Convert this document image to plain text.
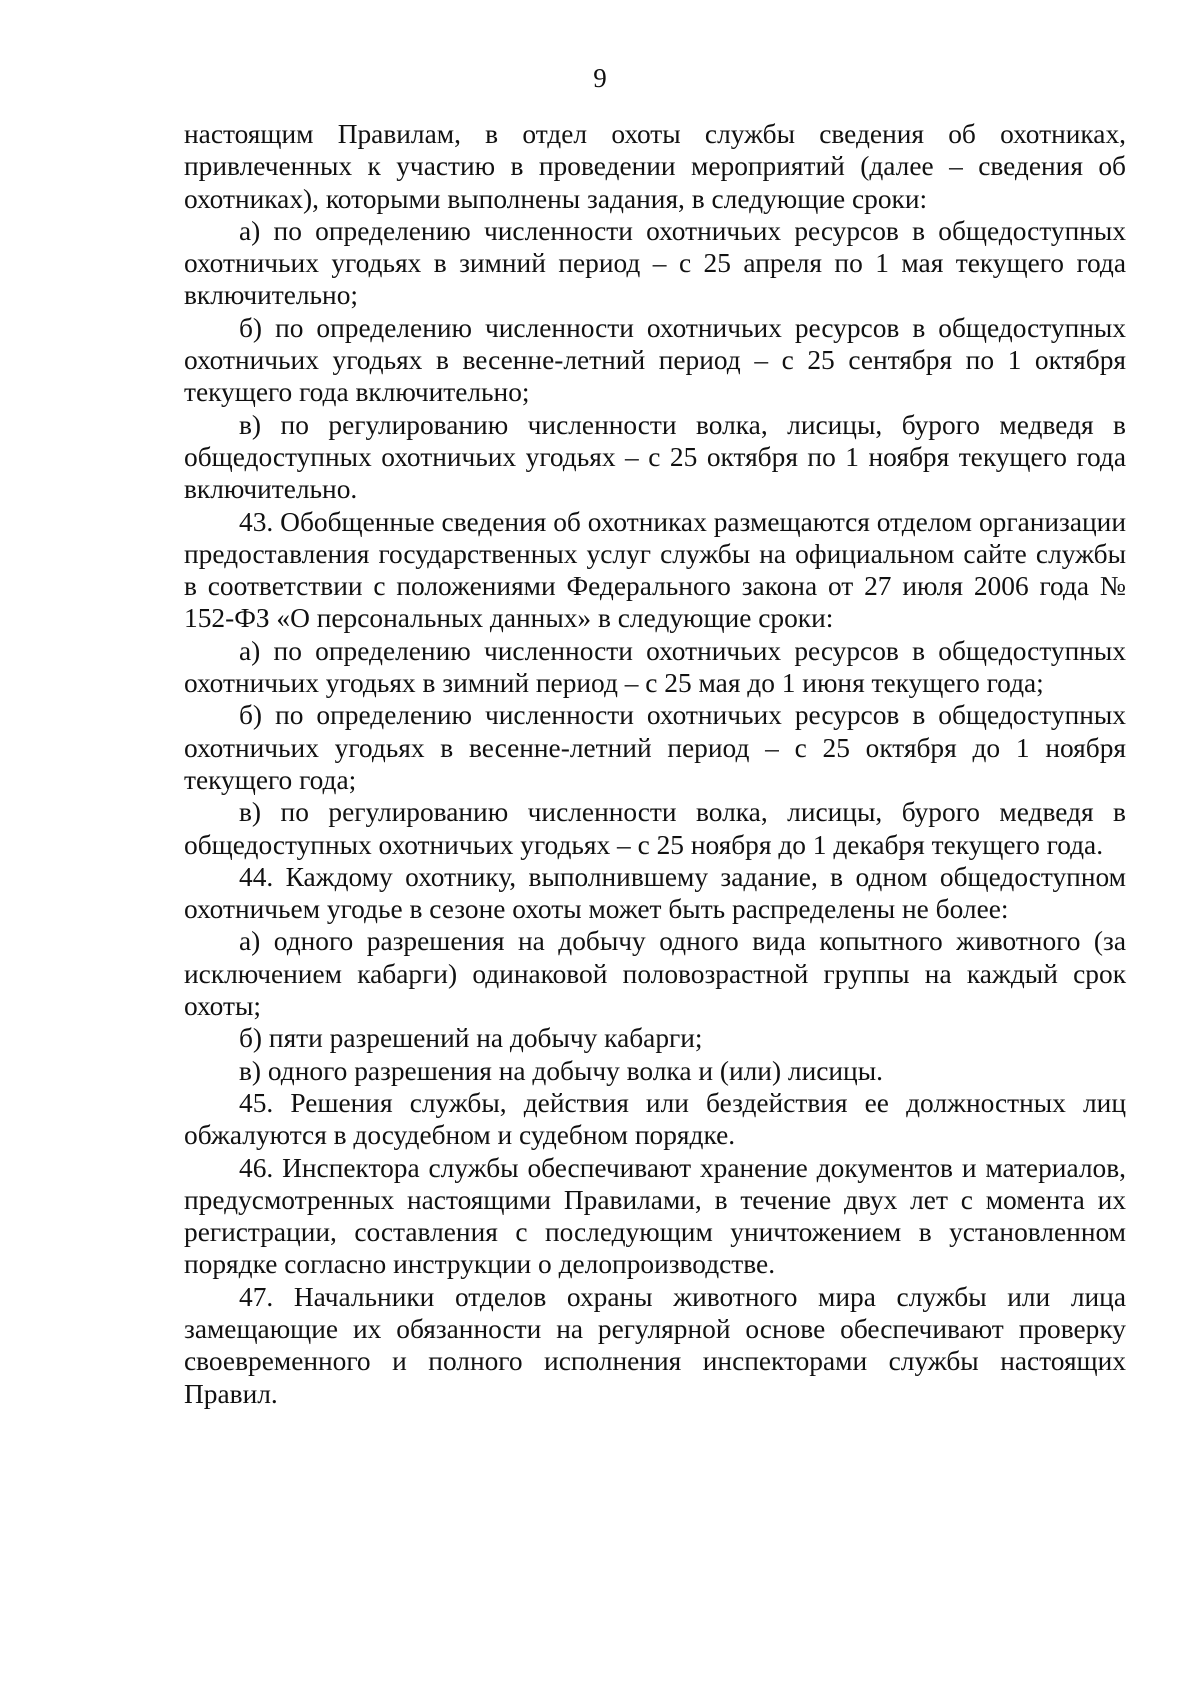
9

настоящим Правилам, в отдел охоты службы сведения об охотниках, привлеченных к участию в проведении мероприятий (далее – сведения об охотниках), которыми выполнены задания, в следующие сроки:

а) по определению численности охотничьих ресурсов в общедоступных охотничьих угодьях в зимний период – с 25 апреля по 1 мая текущего года включительно;

б) по определению численности охотничьих ресурсов в общедоступных охотничьих угодьях в весенне-летний период – с 25 сентября по 1 октября текущего года включительно;

в) по регулированию численности волка, лисицы, бурого медведя в общедоступных охотничьих угодьях – с 25 октября по 1 ноября текущего года включительно.

43. Обобщенные сведения об охотниках размещаются отделом организации предоставления государственных услуг службы на официальном сайте службы в соответствии с положениями Федерального закона от 27 июля 2006 года № 152-ФЗ «О персональных данных» в следующие сроки:

а) по определению численности охотничьих ресурсов в общедоступных охотничьих угодьях в зимний период – с 25 мая до 1 июня текущего года;

б) по определению численности охотничьих ресурсов в общедоступных охотничьих угодьях в весенне-летний период – с 25 октября до 1 ноября текущего года;

в) по регулированию численности волка, лисицы, бурого медведя в общедоступных охотничьих угодьях – с 25 ноября до 1 декабря текущего года.

44. Каждому охотнику, выполнившему задание, в одном общедоступном охотничьем угодье в сезоне охоты может быть распределены не более:

а) одного разрешения на добычу одного вида копытного животного (за исключением кабарги) одинаковой половозрастной группы на каждый срок охоты;

б) пяти разрешений на добычу кабарги;

в) одного разрешения на добычу волка и (или) лисицы.

45. Решения службы, действия или бездействия ее должностных лиц обжалуются в досудебном и судебном порядке.

46. Инспектора службы обеспечивают хранение документов и материалов, предусмотренных настоящими Правилами, в течение двух лет с момента их регистрации, составления с последующим уничтожением в установленном порядке согласно инструкции о делопроизводстве.

47. Начальники отделов охраны животного мира службы или лица замещающие их обязанности на регулярной основе обеспечивают проверку своевременного и полного исполнения инспекторами службы настоящих Правил.
